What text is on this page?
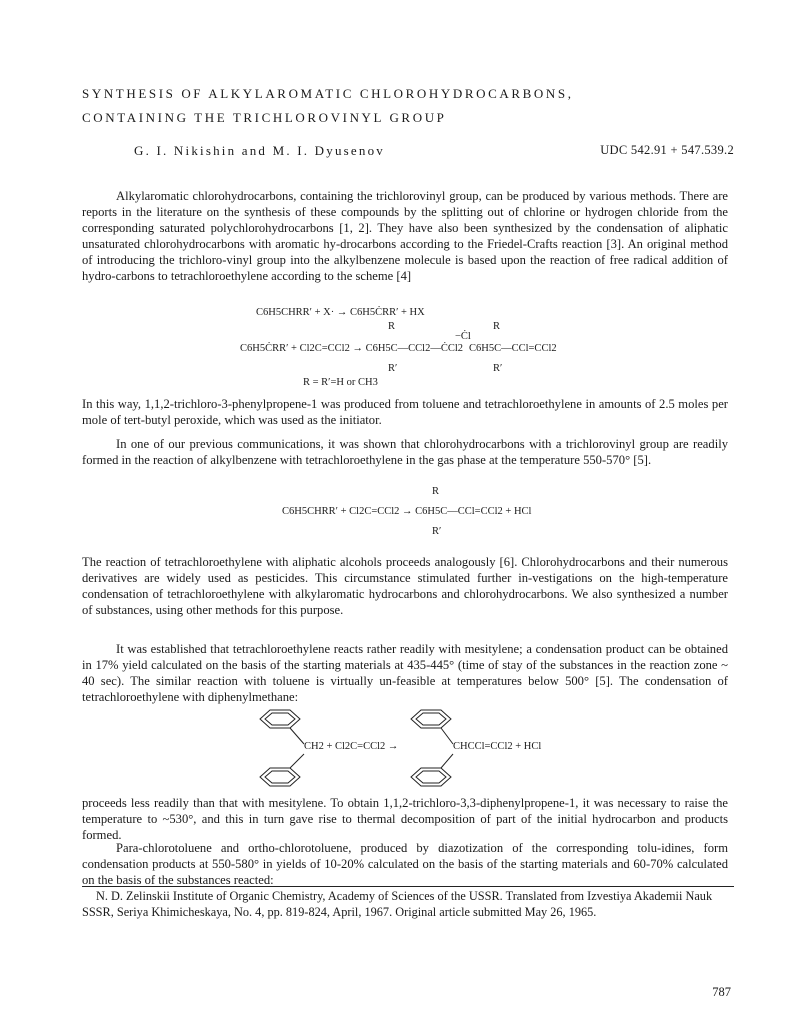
SYNTHESIS OF ALKYLAROMATIC CHLOROHYDROCARBONS,
CONTAINING THE TRICHLOROVINYL GROUP
G. I. Nikishin and M. I. Dyusenov	UDC 542.91 + 547.539.2

Alkylaromatic chlorohydrocarbons, containing the trichlorovinyl group, can be produced by various methods. There are reports in the literature on the synthesis of these compounds by the splitting out of chlorine or hydrogen chloride from the corresponding saturated polychlorohydrocarbons [1, 2]. They have also been synthesized by the condensation of aliphatic unsaturated chlorohydrocarbons with aromatic hy-drocarbons according to the Friedel-Crafts reaction [3]. An original method of introducing the trichloro-vinyl group into the alkylbenzene molecule is based upon the reaction of free radical addition of hydro-carbons to tetrachloroethylene according to the scheme [4]

C6H5CHRR′ + X· → C6H5ĊRR′ + HX
R	R
−Ċl
C6H5ĊRR′ + Cl2C=CCl2 → C6H5C—CCl2—ĊCl2 C6H5C—CCl=CCl2
R′	R′
R = R′=H or CH3

In this way, 1,1,2-trichloro-3-phenylpropene-1 was produced from toluene and tetrachloroethylene in amounts of 2.5 moles per mole of tert-butyl peroxide, which was used as the initiator.

In one of our previous communications, it was shown that chlorohydrocarbons with a trichlorovinyl group are readily formed in the reaction of alkylbenzene with tetrachloroethylene in the gas phase at the temperature 550-570° [5].

R
C6H5CHRR′ + Cl2C=CCl2 → C6H5C—CCl=CCl2 + HCl
R′

The reaction of tetrachloroethylene with aliphatic alcohols proceeds analogously [6]. Chlorohydrocarbons and their numerous derivatives are widely used as pesticides. This circumstance stimulated further in-vestigations on the high-temperature condensation of tetrachloroethylene with alkylaromatic hydrocarbons and chlorohydrocarbons. We also synthesized a number of substances, using other methods for this purpose.

It was established that tetrachloroethylene reacts rather readily with mesitylene; a condensation product can be obtained in 17% yield calculated on the basis of the starting materials at 435-445° (time of stay of the substances in the reaction zone ~ 40 sec). The similar reaction with toluene is virtually un-feasible at temperatures below 500° [5]. The condensation of tetrachloroethylene with diphenylmethane:

CH2 + Cl2C=CCl2 →	CHCCl=CCl2 + HCl

proceeds less readily than that with mesitylene. To obtain 1,1,2-trichloro-3,3-diphenylpropene-1, it was necessary to raise the temperature to ~530°, and this in turn gave rise to thermal decomposition of part of the initial hydrocarbon and products formed.

Para-chlorotoluene and ortho-chlorotoluene, produced by diazotization of the corresponding tolu-idines, form condensation products at 550-580° in yields of 10-20% calculated on the basis of the starting materials and 60-70% calculated on the basis of the substances reacted:

N. D. Zelinskii Institute of Organic Chemistry, Academy of Sciences of the USSR. Translated from Izvestiya Akademii Nauk SSSR, Seriya Khimicheskaya, No. 4, pp. 819-824, April, 1967. Original article submitted May 26, 1965.

787
